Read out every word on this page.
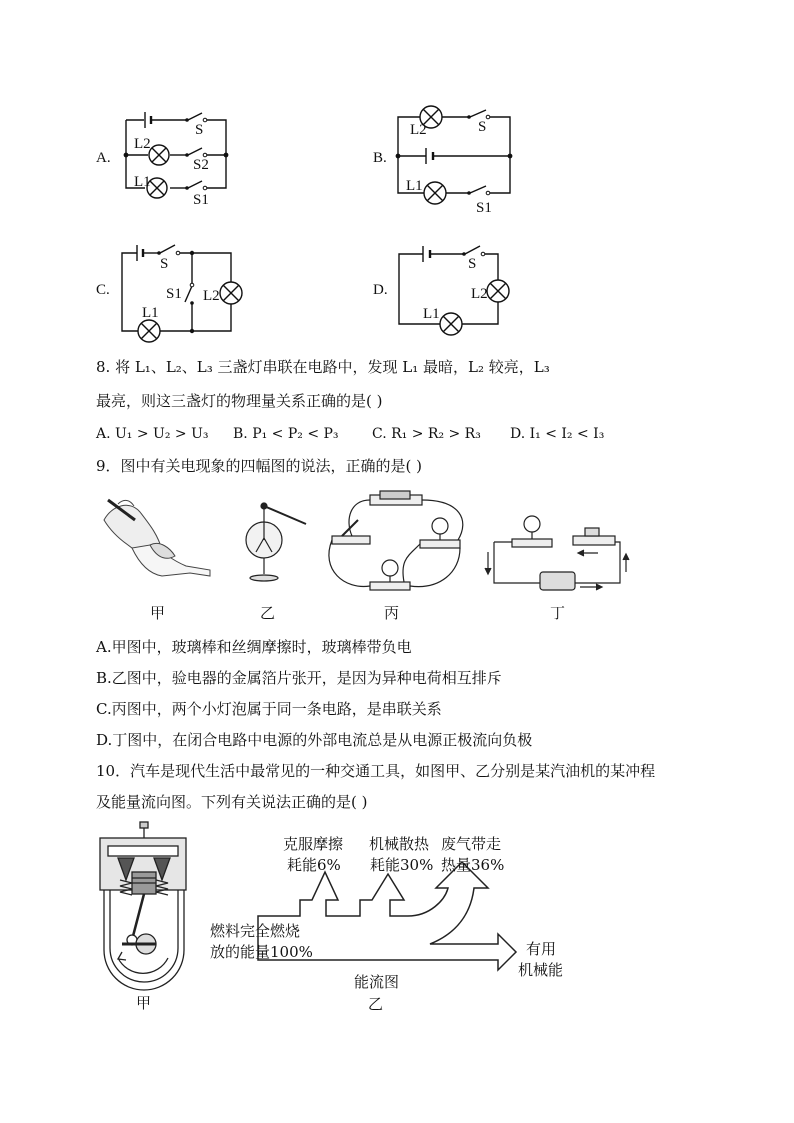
A.
S
L2
S2
L1
S1
B.
S
L2
L1
S1
C.
S
S1 L2
L1
D.
S
L2
L1
8. 将 L₁、L₂、L₃ 三盏灯串联在电路中，发现 L₁ 最暗，L₂ 较亮，L₃
最亮，则这三盏灯的物理量关系正确的是( )
A. U₁ > U₂ > U₃ B. P₁ < P₂ < P₃ C. R₁ > R₂ > R₃ D. I₁ < I₂ < I₃
9．图中有关电现象的四幅图的说法，正确的是( )
甲	乙	丙	丁
A.甲图中，玻璃棒和丝绸摩擦时，玻璃棒带负电
B.乙图中，验电器的金属箔片张开，是因为异种电荷相互排斥
C.丙图中，两个小灯泡属于同一条电路，是串联关系
D.丁图中，在闭合电路中电源的外部电流总是从电源正极流向负极
10．汽车是现代生活中最常见的一种交通工具，如图甲、乙分别是某汽油机的某冲程
及能量流向图。下列有关说法正确的是( )
甲
克服摩擦
耗能6%
机械散热
耗能30%
废气带走
热量36%
燃料完全燃烧
放的能量100%	有用
机械能
能流图
乙
